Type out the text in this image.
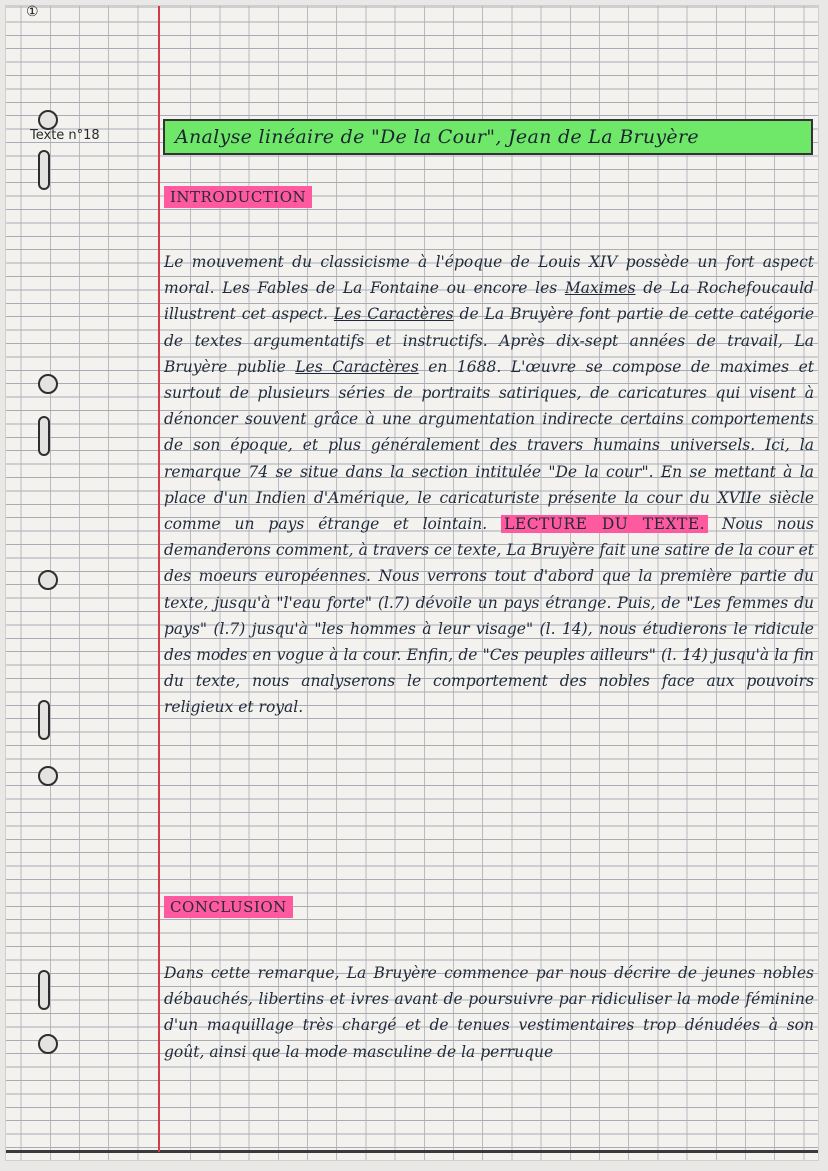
①
Texte n°18	Analyse linéaire de "De la Cour", Jean de La Bruyère
INTRODUCTION

Le mouvement du classicisme à l'époque de Louis XIV possède un fort aspect moral. Les Fables de La Fontaine ou encore les Maximes de La Rochefoucauld illustrent cet aspect. Les Caractères de La Bruyère font partie de cette catégorie de textes argumentatifs et instructifs. Après dix-sept années de travail, La Bruyère publie Les Caractères en 1688. L'œuvre se compose de maximes et surtout de plusieurs séries de portraits satiriques, de caricatures qui visent à dénoncer souvent grâce à une argumentation indirecte certains comportements de son époque, et plus généralement des travers humains universels. Ici, la remarque 74 se situe dans la section intitulée "De la cour". En se mettant à la place d'un Indien d'Amérique, le caricaturiste présente la cour du XVIIe siècle comme un pays étrange et lointain. LECTURE DU TEXTE. Nous nous demanderons comment, à travers ce texte, La Bruyère fait une satire de la cour et des moeurs européennes. Nous verrons tout d'abord que la première partie du texte, jusqu'à "l'eau forte" (l.7) dévoile un pays étrange. Puis, de "Les femmes du pays" (l.7) jusqu'à "les hommes à leur visage" (l. 14), nous étudierons le ridicule des modes en vogue à la cour. Enfin, de "Ces peuples ailleurs" (l. 14) jusqu'à la fin du texte, nous analyserons le comportement des nobles face aux pouvoirs religieux et royal.

CONCLUSION

Dans cette remarque, La Bruyère commence par nous décrire de jeunes nobles débauchés, libertins et ivres avant de poursuivre par ridiculiser la mode féminine d'un maquillage très chargé et de tenues vestimentaires trop dénudées à son goût, ainsi que la mode masculine de la perruque
